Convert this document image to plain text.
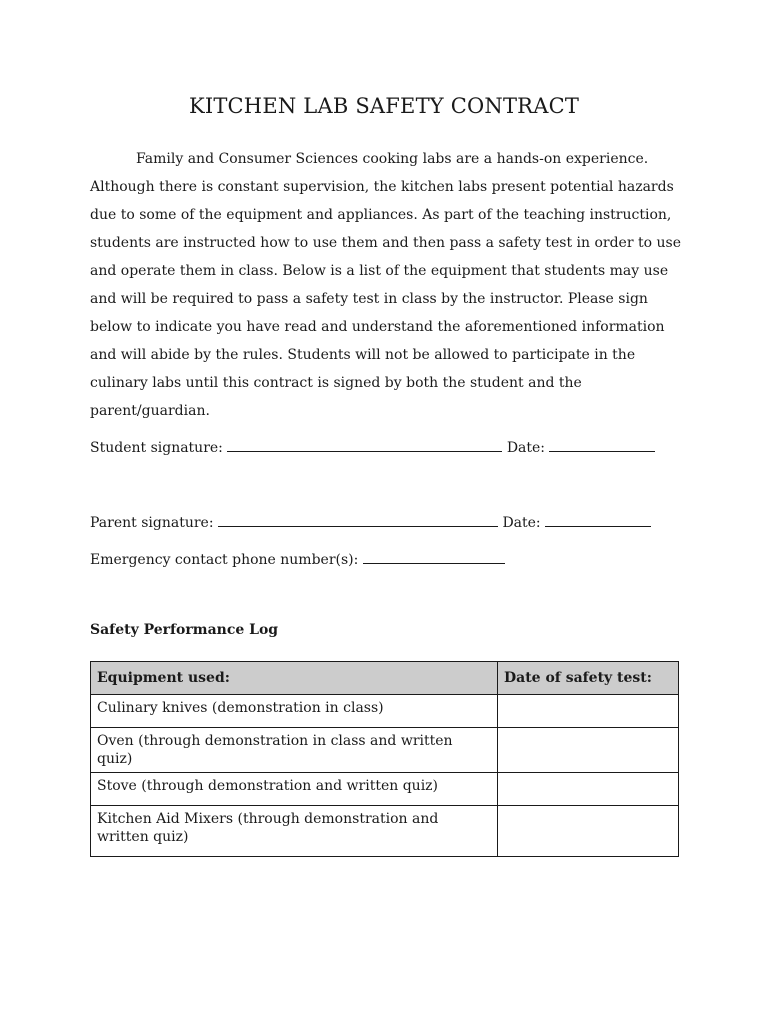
KITCHEN LAB SAFETY CONTRACT

Family and Consumer Sciences cooking labs are a hands-on experience. Although there is constant supervision, the kitchen labs present potential hazards due to some of the equipment and appliances. As part of the teaching instruction, students are instructed how to use them and then pass a safety test in order to use and operate them in class. Below is a list of the equipment that students may use and will be required to pass a safety test in class by the instructor. Please sign below to indicate you have read and understand the aforementioned information and will abide by the rules. Students will not be allowed to participate in the culinary labs until this contract is signed by both the student and the parent/guardian.

Student signature:	Date:
Parent signature:	Date:
Emergency contact phone number(s):
Safety Performance Log
Equipment used:	Date of safety test:
Culinary knives (demonstration in class)	
Oven (through demonstration in class and written quiz)	
Stove (through demonstration and written quiz)	
Kitchen Aid Mixers (through demonstration and written quiz)	
